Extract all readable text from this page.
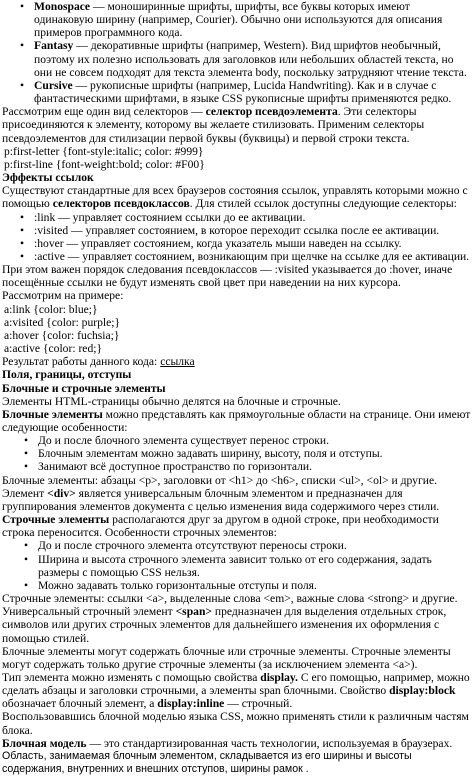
• Monospace — моноширинные шрифты, шрифты, все буквы которых имеют одинаковую ширину (например, Courier). Обычно они используются для описания примеров программного кода.
• Fantasy — декоративные шрифты (например, Western). Вид шрифтов необычный, поэтому их полезно использовать для заголовков или небольших областей текста, но они не совсем подходят для текста элемента body, поскольку затрудняют чтение текста.
• Cursive — рукописные шрифты (например, Lucida Handwriting). Как и в случае с фантастическими шрифтами, в языке CSS рукописные шрифты применяются редко.

Рассмотрим еще один вид селекторов — селектор псевдоэлемента. Эти селекторы присоединяются к элементу, которому вы желаете стилизовать. Применим селекторы псевдоэлементов для стилизации первой буквы (буквицы) и первой строки текста.

p:first-letter {font-style:italic; color: #999}

p:first-line {font-weight:bold; color: #F00}

Эффекты ссылок

Существуют стандартные для всех браузеров состояния ссылок, управлять которыми можно с помощью селекторов псевдоклассов. Для стилей ссылок доступны следующие селекторы:

• :link — управляет состоянием ссылки до ее активации.
• :visited — управляет состоянием, в которое переходит ссылка после ее активации.
• :hover — управляет состоянием, когда указатель мыши наведен на ссылку.
• :active — управляет состоянием, возникающим при щелчке на ссылке для ее активации.

При этом важен порядок следования псевдоклассов — :visited указывается до :hover, иначе посещённые ссылки не будут изменять свой цвет при наведении на них курсора.

Рассмотрим на примере:

a:link {color: blue;}

a:visited {color: purple;}

a:hover {color: fuchsia;}

a:active {color: red;}

Результат работы данного кода: ссылка

Поля, границы, отступы

Блочные и строчные элементы

Элементы HTML-страницы обычно делятся на блочные и строчные.

Блочные элементы можно представлять как прямоугольные области на странице. Они имеют следующие особенности:

• До и после блочного элемента существует перенос строки.
• Блочным элементам можно задавать ширину, высоту, поля и отступы.
• Занимают всё доступное пространство по горизонтали.

Блочные элементы: абзацы <p>, заголовки от <h1> до <h6>, списки <ul>, <ol> и другие.

Элемент <div> является универсальным блочным элементом и предназначен для группирования элементов документа с целью изменения вида содержимого через стили.

Строчные элементы располагаются друг за другом в одной строке, при необходимости строка переносится. Особенности строчных элементов:

• До и после строчного элемента отсутствуют переносы строки.
• Ширина и высота строчного элемента зависит только от его содержания, задать размеры с помощью CSS нельзя.
• Можно задавать только горизонтальные отступы и поля.

Строчные элементы: ссылки <a>, выделенные слова <em>, важные слова <strong> и другие.

Универсальный строчный элемент <span> предназначен для выделения отдельных строк, символов или других строчных элементов для дальнейшего изменения их оформления с помощью стилей.

Блочные элементы могут содержать блочные или строчные элементы. Строчные элементы могут содержать только другие строчные элементы (за исключением элемента <a>).

Тип элемента можно изменять с помощью свойства display. С его помощью, например, можно сделать абзацы и заголовки строчными, а элементы span блочными. Свойство display:block обозначает блочный элемент, а display:inline — строчный.

Воспользовавшись блочной моделью языка CSS, можно применять стили к различным частям блока.

Блочная модель — это стандартизированная часть технологии, используемая в браузерах.

Область, занимаемая блочным элементом, складывается из его ширины и высоты содержания, внутренних и внешних отступов, ширины рамок .
